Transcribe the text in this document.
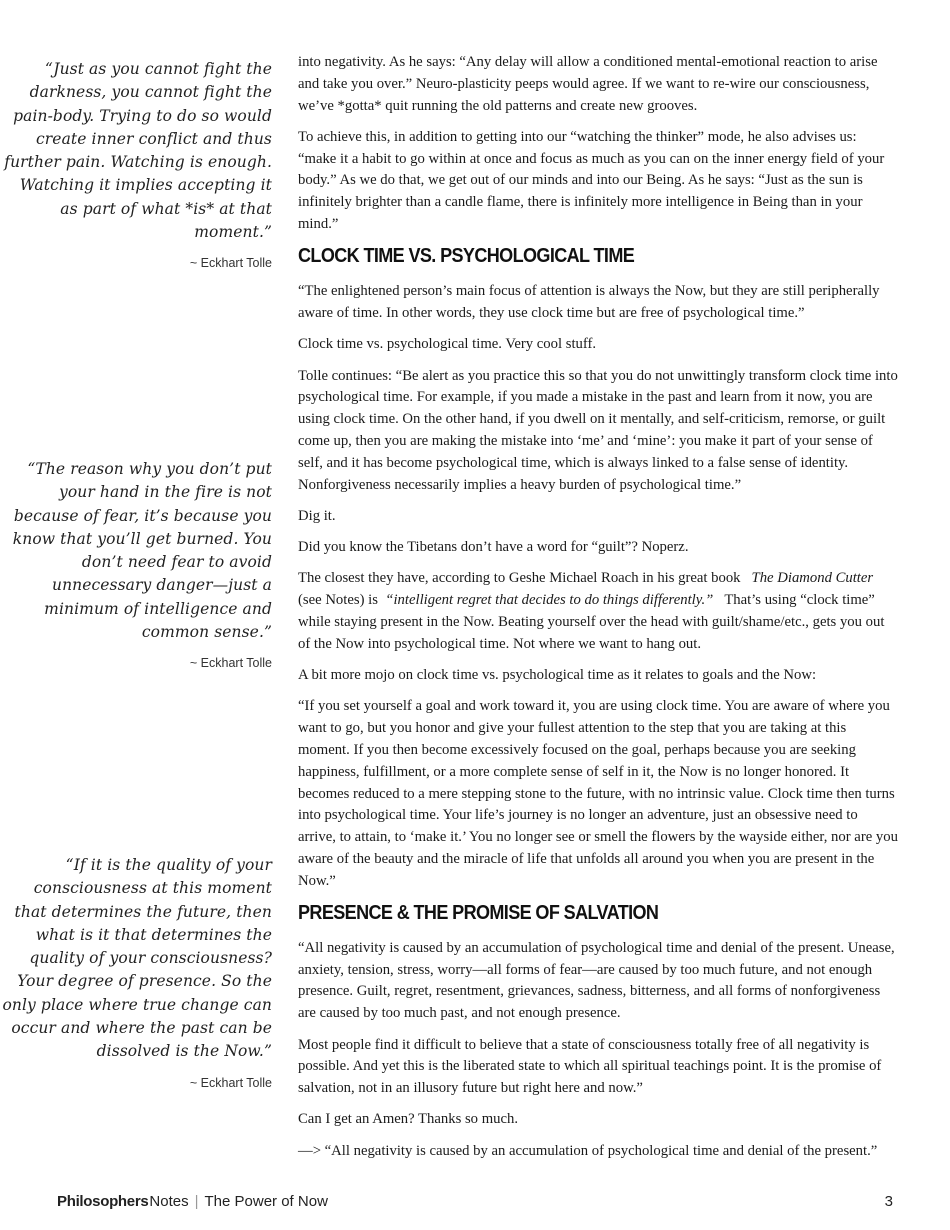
“Just as you cannot fight the darkness, you cannot fight the pain-body. Trying to do so would create inner conflict and thus further pain. Watching is enough. Watching it implies accepting it as part of what *is* at that moment.”

~ Eckhart Tolle

“The reason why you don’t put your hand in the fire is not because of fear, it’s because you know that you’ll get burned. You don’t need fear to avoid unnecessary danger—just a minimum of intelligence and common sense.”

~ Eckhart Tolle

“If it is the quality of your consciousness at this moment that determines the future, then what is it that determines the quality of your consciousness? Your degree of presence. So the only place where true change can occur and where the past can be dissolved is the Now.”

~ Eckhart Tolle

into negativity. As he says: “Any delay will allow a conditioned mental-emotional reaction to arise and take you over.” Neuro-plasticity peeps would agree. If we want to re-wire our consciousness, we’ve *gotta* quit running the old patterns and create new grooves.

To achieve this, in addition to getting into our “watching the thinker” mode, he also advises us: “make it a habit to go within at once and focus as much as you can on the inner energy field of your body.” As we do that, we get out of our minds and into our Being. As he says: “Just as the sun is infinitely brighter than a candle flame, there is infinitely more intelligence in Being than in your mind.”

CLOCK TIME VS. PSYCHOLOGICAL TIME

“The enlightened person’s main focus of attention is always the Now, but they are still peripherally aware of time. In other words, they use clock time but are free of psychological time.”

Clock time vs. psychological time. Very cool stuff.

Tolle continues: “Be alert as you practice this so that you do not unwittingly transform clock time into psychological time. For example, if you made a mistake in the past and learn from it now, you are using clock time. On the other hand, if you dwell on it mentally, and self-criticism, remorse, or guilt come up, then you are making the mistake into ‘me’ and ‘mine’: you make it part of your sense of self, and it has become psychological time, which is always linked to a false sense of identity. Nonforgiveness necessarily implies a heavy burden of psychological time.”

Dig it.

Did you know the Tibetans don’t have a word for “guilt”? Noperz.

The closest they have, according to Geshe Michael Roach in his great book The Diamond Cutter (see Notes) is “intelligent regret that decides to do things differently.” That’s using “clock time” while staying present in the Now. Beating yourself over the head with guilt/shame/etc., gets you out of the Now into psychological time. Not where we want to hang out.

A bit more mojo on clock time vs. psychological time as it relates to goals and the Now:

“If you set yourself a goal and work toward it, you are using clock time. You are aware of where you want to go, but you honor and give your fullest attention to the step that you are taking at this moment. If you then become excessively focused on the goal, perhaps because you are seeking happiness, fulfillment, or a more complete sense of self in it, the Now is no longer honored. It becomes reduced to a mere stepping stone to the future, with no intrinsic value. Clock time then turns into psychological time. Your life’s journey is no longer an adventure, just an obsessive need to arrive, to attain, to ‘make it.’ You no longer see or smell the flowers by the wayside either, nor are you aware of the beauty and the miracle of life that unfolds all around you when you are present in the Now.”

PRESENCE & THE PROMISE OF SALVATION

“All negativity is caused by an accumulation of psychological time and denial of the present. Unease, anxiety, tension, stress, worry—all forms of fear—are caused by too much future, and not enough presence. Guilt, regret, resentment, grievances, sadness, bitterness, and all forms of nonforgiveness are caused by too much past, and not enough presence.

Most people find it difficult to believe that a state of consciousness totally free of all negativity is possible. And yet this is the liberated state to which all spiritual teachings point. It is the promise of salvation, not in an illusory future but right here and now.”

Can I get an Amen? Thanks so much.

—> “All negativity is caused by an accumulation of psychological time and denial of the present.”

Philosophers Notes | The Power of Now	3
